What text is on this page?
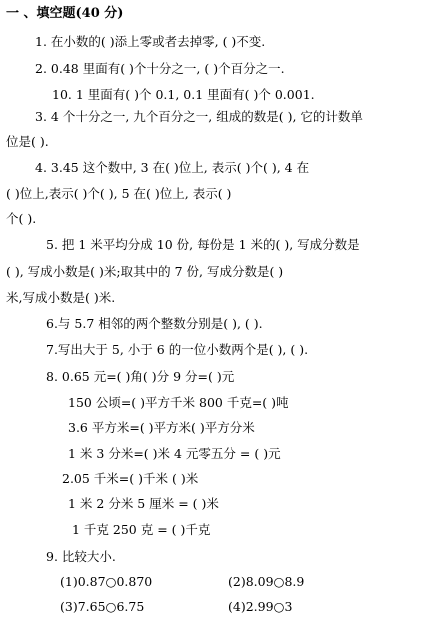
一 、填空题(40 分)
1. 在小数的( )添上零或者去掉零, ( )不变.
2. 0.48 里面有( )个十分之一, ( )个百分之一.
10. 1 里面有( )个 0.1, 0.1 里面有( )个 0.001.
3. 4 个十分之一, 九个百分之一, 组成的数是( ), 它的计数单
位是( ).
4. 3.45 这个数中, 3 在( )位上, 表示( )个( ), 4 在
( )位上,表示( )个( ), 5 在( )位上, 表示( )
个( ).
5. 把 1 米平均分成 10 份, 每份是 1 米的( ), 写成分数是
( ), 写成小数是( )米;取其中的 7 份, 写成分数是( )
米,写成小数是( )米.
6.与 5.7 相邻的两个整数分别是( ), ( ).
7.写出大于 5, 小于 6 的一位小数两个是( ), ( ).
8. 0.65 元=( )角( )分 9 分=( )元
150 公顷=( )平方千米 800 千克=( )吨
3.6 平方米=( )平方米( )平方分米
1 米 3 分米=( )米 4 元零五分 = ( )元
2.05 千米=( )千米 ( )米
1 米 2 分米 5 厘米 = ( )米
1 千克 250 克 = ( )千克
9. 比较大小.
(1)0.87○0.870	(2)8.09○8.9
(3)7.65○6.75	(4)2.99○3
